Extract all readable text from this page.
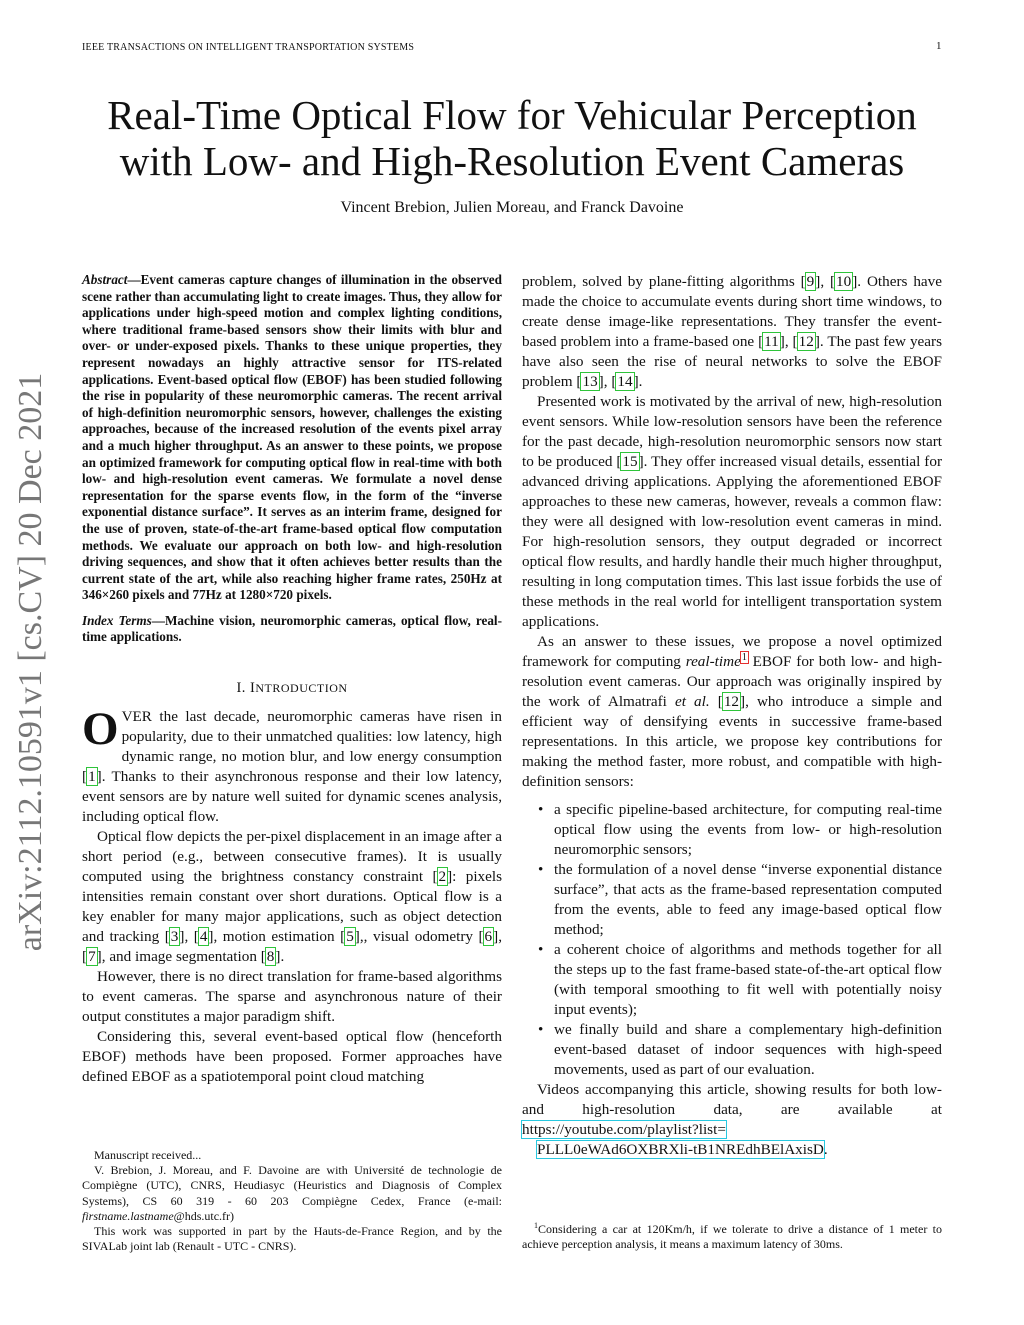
IEEE TRANSACTIONS ON INTELLIGENT TRANSPORTATION SYSTEMS	1
Real-Time Optical Flow for Vehicular Perception
with Low- and High-Resolution Event Cameras
Vincent Brebion, Julien Moreau, and Franck Davoine
arXiv:2112.10591v1 [cs.CV] 20 Dec 2021
Abstract—Event cameras capture changes of illumination in the observed scene rather than accumulating light to create images. Thus, they allow for applications under high-speed motion and complex lighting conditions, where traditional frame-based sensors show their limits with blur and over- or under-exposed pixels. Thanks to these unique properties, they represent nowadays an highly attractive sensor for ITS-related applications. Event-based optical flow (EBOF) has been studied following the rise in popularity of these neuromorphic cameras. The recent arrival of high-definition neuromorphic sensors, however, challenges the existing approaches, because of the increased resolution of the events pixel array and a much higher throughput. As an answer to these points, we propose an optimized framework for computing optical flow in real-time with both low- and high-resolution event cameras. We formulate a novel dense representation for the sparse events flow, in the form of the “inverse exponential distance surface”. It serves as an interim frame, designed for the use of proven, state-of-the-art frame-based optical flow computation methods. We evaluate our approach on both low- and high-resolution driving sequences, and show that it often achieves better results than the current state of the art, while also reaching higher frame rates, 250Hz at 346×260 pixels and 77Hz at 1280×720 pixels.
Index Terms—Machine vision, neuromorphic cameras, optical flow, real-time applications.
I. INTRODUCTION

OVER the last decade, neuromorphic cameras have risen in popularity, due to their unmatched qualities: low latency, high dynamic range, no motion blur, and low energy consumption [1]. Thanks to their asynchronous response and their low latency, event sensors are by nature well suited for dynamic scenes analysis, including optical flow.

Optical flow depicts the per-pixel displacement in an image after a short period (e.g., between consecutive frames). It is usually computed using the brightness constancy constraint [2]: pixels intensities remain constant over short durations. Optical flow is a key enabler for many major applications, such as object detection and tracking [3], [4], motion estimation [5],, visual odometry [6], [7], and image segmentation [8].

However, there is no direct translation for frame-based algorithms to event cameras. The sparse and asynchronous nature of their output constitutes a major paradigm shift.

Considering this, several event-based optical flow (henceforth EBOF) methods have been proposed. Former approaches have defined EBOF as a spatiotemporal point cloud matching

Manuscript received...

V. Brebion, J. Moreau, and F. Davoine are with Université de technologie de Compiègne (UTC), CNRS, Heudiasyc (Heuristics and Diagnosis of Complex Systems), CS 60 319 - 60 203 Compiègne Cedex, France (e-mail: firstname.lastname@hds.utc.fr)

This work was supported in part by the Hauts-de-France Region, and by the SIVALab joint lab (Renault - UTC - CNRS).

problem, solved by plane-fitting algorithms [9], [10]. Others have made the choice to accumulate events during short time windows, to create dense image-like representations. They transfer the event-based problem into a frame-based one [11], [12]. The past few years have also seen the rise of neural networks to solve the EBOF problem [13], [14].

Presented work is motivated by the arrival of new, high-resolution event sensors. While low-resolution sensors have been the reference for the past decade, high-resolution neuromorphic sensors now start to be produced [15]. They offer increased visual details, essential for advanced driving applications. Applying the aforementioned EBOF approaches to these new cameras, however, reveals a common flaw: they were all designed with low-resolution event cameras in mind. For high-resolution sensors, they output degraded or incorrect optical flow results, and hardly handle their much higher throughput, resulting in long computation times. This last issue forbids the use of these methods in the real world for intelligent transportation system applications.

As an answer to these issues, we propose a novel optimized framework for computing real-time$^1$ EBOF for both low- and high-resolution event cameras. Our approach was originally inspired by the work of Almatrafi et al. [12], who introduce a simple and efficient way of densifying events in successive frame-based representations. In this article, we propose key contributions for making the method faster, more robust, and compatible with high-definition sensors:

• a specific pipeline-based architecture, for computing real-time optical flow using the events from low- or high-resolution neuromorphic sensors;
• the formulation of a novel dense “inverse exponential distance surface”, that acts as the frame-based representation computed from the events, able to feed any image-based optical flow method;
• a coherent choice of algorithms and methods together for all the steps up to the fast frame-based state-of-the-art optical flow (with temporal smoothing to fit well with potentially noisy input events);
• we finally build and share a complementary high-definition event-based dataset of indoor sequences with high-speed movements, used as part of our evaluation.

Videos accompanying this article, showing results for both low- and high-resolution data, are available at https://youtube.com/playlist?list=

PLLL0eWAd6OXBRXli-tB1NREdhBElAxisD.

$^1$Considering a car at 120Km/h, if we tolerate to drive a distance of 1 meter to achieve perception analysis, it means a maximum latency of 30ms.
